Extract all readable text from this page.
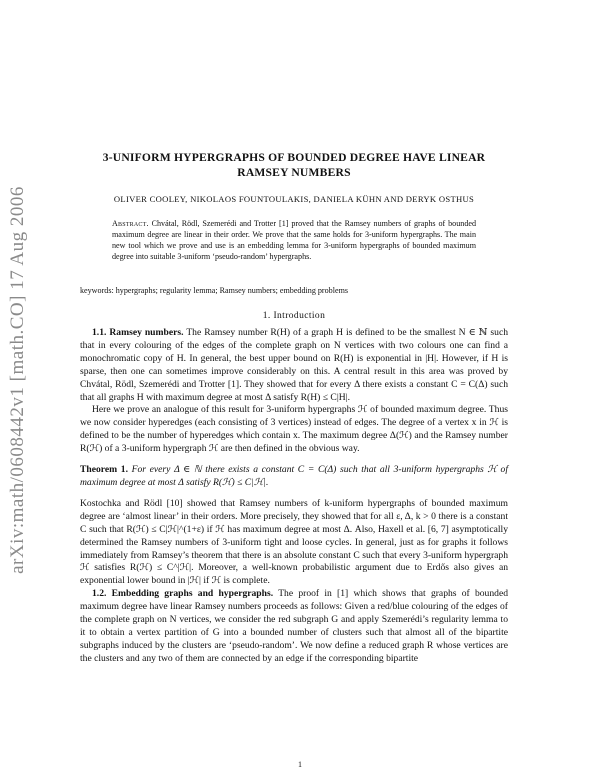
arXiv:math/0608442v1 [math.CO] 17 Aug 2006
3-UNIFORM HYPERGRAPHS OF BOUNDED DEGREE HAVE LINEAR RAMSEY NUMBERS
OLIVER COOLEY, NIKOLAOS FOUNTOULAKIS, DANIELA KÜHN AND DERYK OSTHUS
Abstract. Chvátal, Rödl, Szemerédi and Trotter [1] proved that the Ramsey numbers of graphs of bounded maximum degree are linear in their order. We prove that the same holds for 3-uniform hypergraphs. The main new tool which we prove and use is an embedding lemma for 3-uniform hypergraphs of bounded maximum degree into suitable 3-uniform ‘pseudo-random’ hypergraphs.
keywords: hypergraphs; regularity lemma; Ramsey numbers; embedding problems
1. Introduction

1.1. Ramsey numbers. The Ramsey number R(H) of a graph H is defined to be the smallest N ∈ ℕ such that in every colouring of the edges of the complete graph on N vertices with two colours one can find a monochromatic copy of H. In general, the best upper bound on R(H) is exponential in |H|. However, if H is sparse, then one can sometimes improve considerably on this. A central result in this area was proved by Chvátal, Rödl, Szemerédi and Trotter [1]. They showed that for every Δ there exists a constant C = C(Δ) such that all graphs H with maximum degree at most Δ satisfy R(H) ≤ C|H|.

Here we prove an analogue of this result for 3-uniform hypergraphs ℋ of bounded maximum degree. Thus we now consider hyperedges (each consisting of 3 vertices) instead of edges. The degree of a vertex x in ℋ is defined to be the number of hyperedges which contain x. The maximum degree Δ(ℋ) and the Ramsey number R(ℋ) of a 3-uniform hypergraph ℋ are then defined in the obvious way.

Theorem 1. For every Δ ∈ ℕ there exists a constant C = C(Δ) such that all 3-uniform hypergraphs ℋ of maximum degree at most Δ satisfy R(ℋ) ≤ C|ℋ|.

Kostochka and Rödl [10] showed that Ramsey numbers of k-uniform hypergraphs of bounded maximum degree are ‘almost linear’ in their orders. More precisely, they showed that for all ε, Δ, k > 0 there is a constant C such that R(ℋ) ≤ C|ℋ|^(1+ε) if ℋ has maximum degree at most Δ. Also, Haxell et al. [6, 7] asymptotically determined the Ramsey numbers of 3-uniform tight and loose cycles. In general, just as for graphs it follows immediately from Ramsey’s theorem that there is an absolute constant C such that every 3-uniform hypergraph ℋ satisfies R(ℋ) ≤ C^|ℋ|. Moreover, a well-known probabilistic argument due to Erdős also gives an exponential lower bound in |ℋ| if ℋ is complete.

1.2. Embedding graphs and hypergraphs. The proof in [1] which shows that graphs of bounded maximum degree have linear Ramsey numbers proceeds as follows: Given a red/blue colouring of the edges of the complete graph on N vertices, we consider the red subgraph G and apply Szemerédi’s regularity lemma to it to obtain a vertex partition of G into a bounded number of clusters such that almost all of the bipartite subgraphs induced by the clusters are ‘pseudo-random’. We now define a reduced graph R whose vertices are the clusters and any two of them are connected by an edge if the corresponding bipartite

1
